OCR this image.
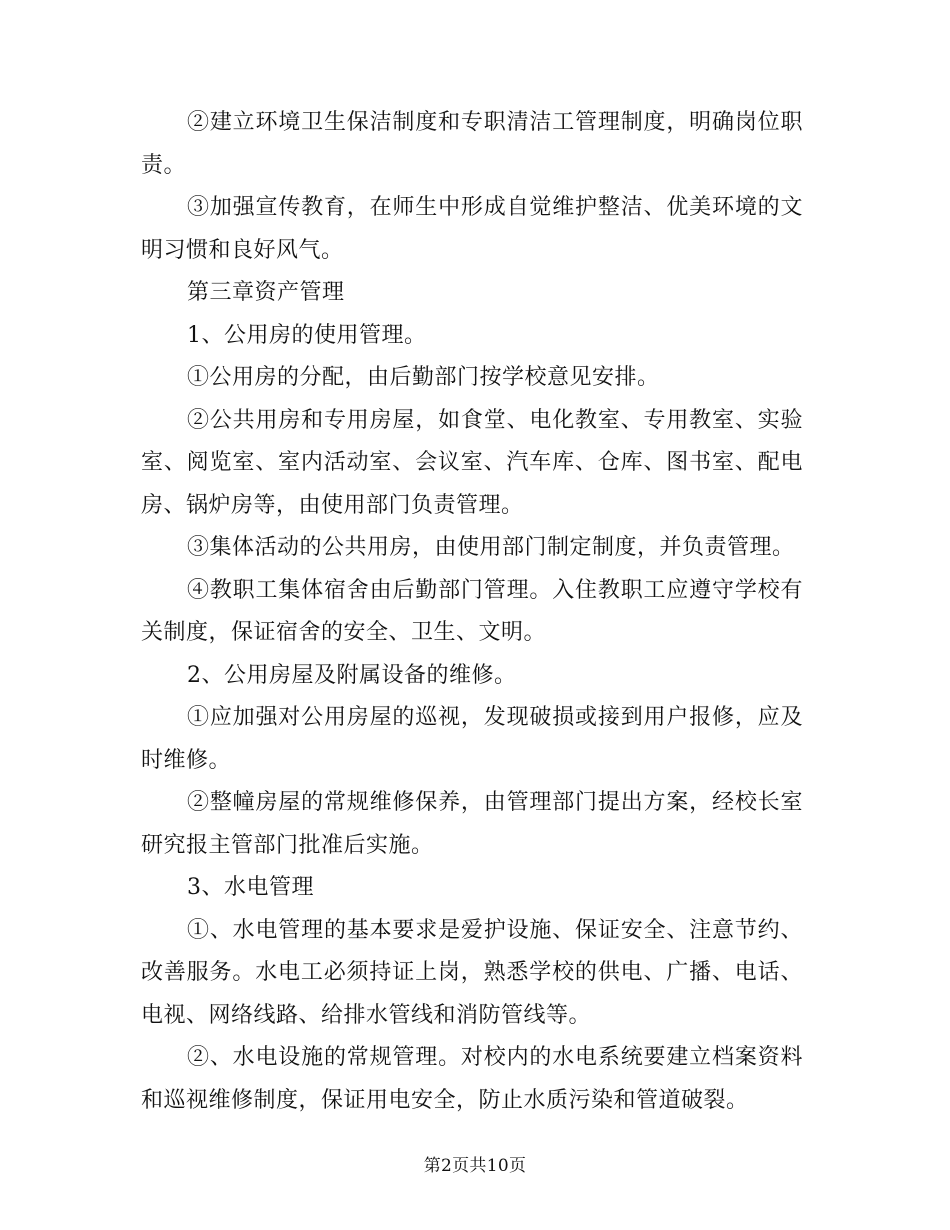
②建立环境卫生保洁制度和专职清洁工管理制度，明确岗位职责。

③加强宣传教育，在师生中形成自觉维护整洁、优美环境的文明习惯和良好风气。

第三章资产管理

1、公用房的使用管理。

①公用房的分配，由后勤部门按学校意见安排。

②公共用房和专用房屋，如食堂、电化教室、专用教室、实验室、阅览室、室内活动室、会议室、汽车库、仓库、图书室、配电房、锅炉房等，由使用部门负责管理。

③集体活动的公共用房，由使用部门制定制度，并负责管理。

④教职工集体宿舍由后勤部门管理。入住教职工应遵守学校有关制度，保证宿舍的安全、卫生、文明。

2、公用房屋及附属设备的维修。

①应加强对公用房屋的巡视，发现破损或接到用户报修，应及时维修。

②整幢房屋的常规维修保养，由管理部门提出方案，经校长室研究报主管部门批准后实施。

3、水电管理

①、水电管理的基本要求是爱护设施、保证安全、注意节约、改善服务。水电工必须持证上岗，熟悉学校的供电、广播、电话、电视、网络线路、给排水管线和消防管线等。

②、水电设施的常规管理。对校内的水电系统要建立档案资料和巡视维修制度，保证用电安全，防止水质污染和管道破裂。

第2页共10页
